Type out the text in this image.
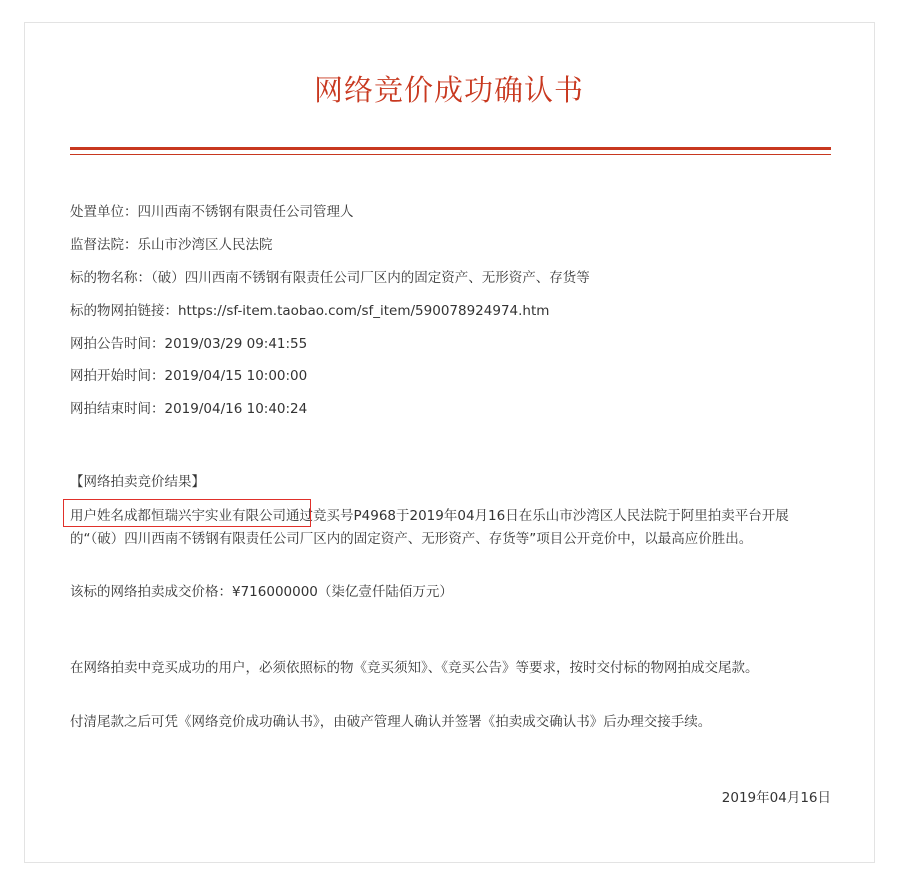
网络竞价成功确认书
处置单位：四川西南不锈钢有限责任公司管理人
监督法院：乐山市沙湾区人民法院
标的物名称：（破）四川西南不锈钢有限责任公司厂区内的固定资产、无形资产、存货等
标的物网拍链接：https://sf-item.taobao.com/sf_item/590078924974.htm
网拍公告时间：2019/03/29 09:41:55
网拍开始时间：2019/04/15 10:00:00
网拍结束时间：2019/04/16 10:40:24
【网络拍卖竞价结果】
用户姓名成都恒瑞兴宇实业有限公司通过竞买号P4968于2019年04月16日在乐山市沙湾区人民法院于阿里拍卖平台开展的“（破）四川西南不锈钢有限责任公司厂区内的固定资产、无形资产、存货等”项目公开竞价中，以最高应价胜出。
该标的网络拍卖成交价格：¥716000000（柒亿壹仟陆佰万元）
在网络拍卖中竞买成功的用户，必须依照标的物《竞买须知》、《竞买公告》等要求，按时交付标的物网拍成交尾款。
付清尾款之后可凭《网络竞价成功确认书》，由破产管理人确认并签署《拍卖成交确认书》后办理交接手续。
2019年04月16日
